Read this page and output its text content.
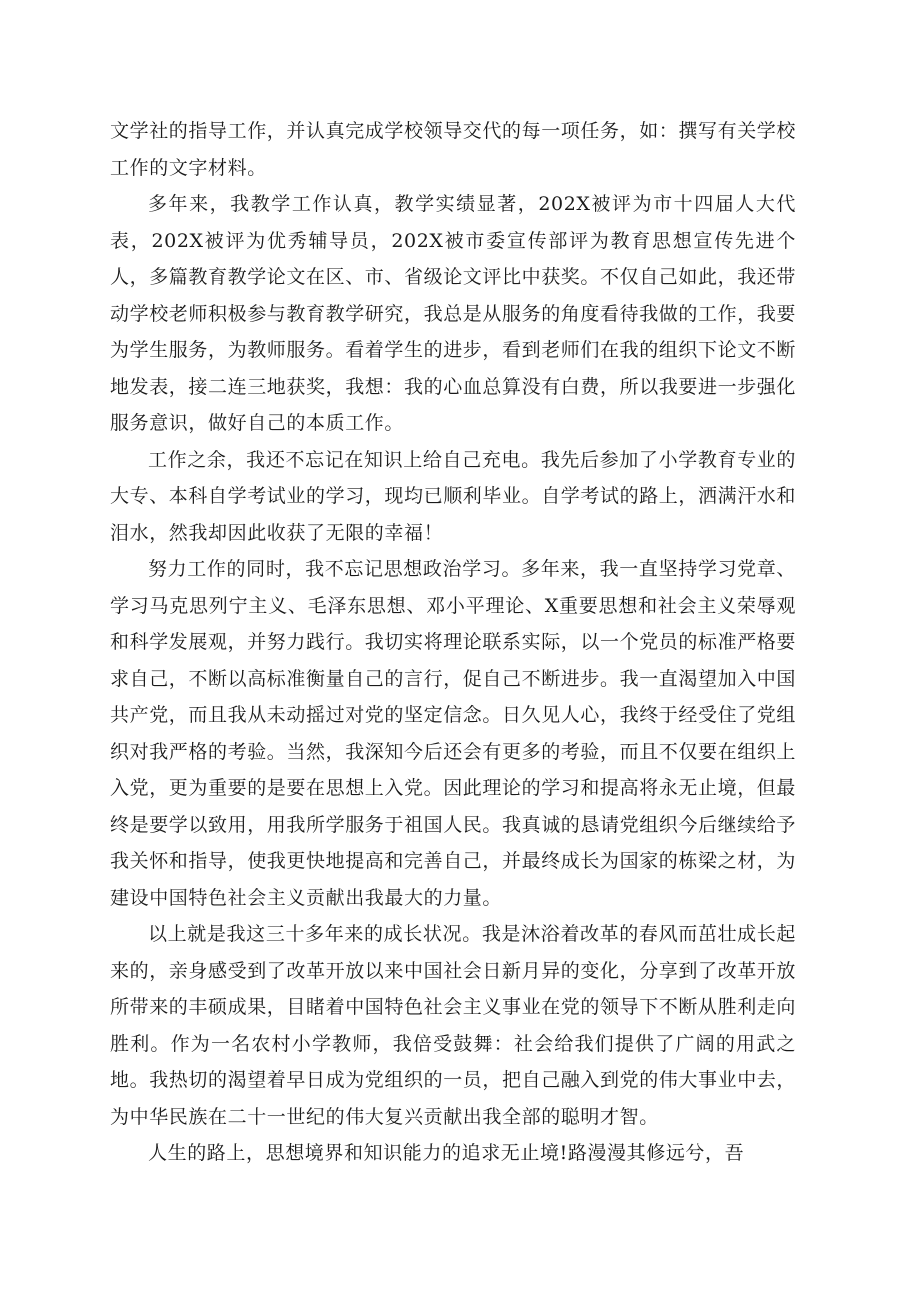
文学社的指导工作，并认真完成学校领导交代的每一项任务，如：撰写有关学校工作的文字材料。

多年来，我教学工作认真，教学实绩显著，202X被评为市十四届人大代表，202X被评为优秀辅导员，202X被市委宣传部评为教育思想宣传先进个人，多篇教育教学论文在区、市、省级论文评比中获奖。不仅自己如此，我还带动学校老师积极参与教育教学研究，我总是从服务的角度看待我做的工作，我要为学生服务，为教师服务。看着学生的进步，看到老师们在我的组织下论文不断地发表，接二连三地获奖，我想：我的心血总算没有白费，所以我要进一步强化服务意识，做好自己的本质工作。

工作之余，我还不忘记在知识上给自己充电。我先后参加了小学教育专业的大专、本科自学考试业的学习，现均已顺利毕业。自学考试的路上，洒满汗水和泪水，然我却因此收获了无限的幸福！

努力工作的同时，我不忘记思想政治学习。多年来，我一直坚持学习党章、学习马克思列宁主义、毛泽东思想、邓小平理论、X重要思想和社会主义荣辱观和科学发展观，并努力践行。我切实将理论联系实际，以一个党员的标准严格要求自己，不断以高标准衡量自己的言行，促自己不断进步。我一直渴望加入中国共产党，而且我从未动摇过对党的坚定信念。日久见人心，我终于经受住了党组织对我严格的考验。当然，我深知今后还会有更多的考验，而且不仅要在组织上入党，更为重要的是要在思想上入党。因此理论的学习和提高将永无止境，但最终是要学以致用，用我所学服务于祖国人民。我真诚的恳请党组织今后继续给予我关怀和指导，使我更快地提高和完善自己，并最终成长为国家的栋梁之材，为建设中国特色社会主义贡献出我最大的力量。

以上就是我这三十多年来的成长状况。我是沐浴着改革的春风而茁壮成长起来的，亲身感受到了改革开放以来中国社会日新月异的变化，分享到了改革开放所带来的丰硕成果，目睹着中国特色社会主义事业在党的领导下不断从胜利走向胜利。作为一名农村小学教师，我倍受鼓舞：社会给我们提供了广阔的用武之地。我热切的渴望着早日成为党组织的一员，把自己融入到党的伟大事业中去，为中华民族在二十一世纪的伟大复兴贡献出我全部的聪明才智。

人生的路上，思想境界和知识能力的追求无止境!路漫漫其修远兮，吾
